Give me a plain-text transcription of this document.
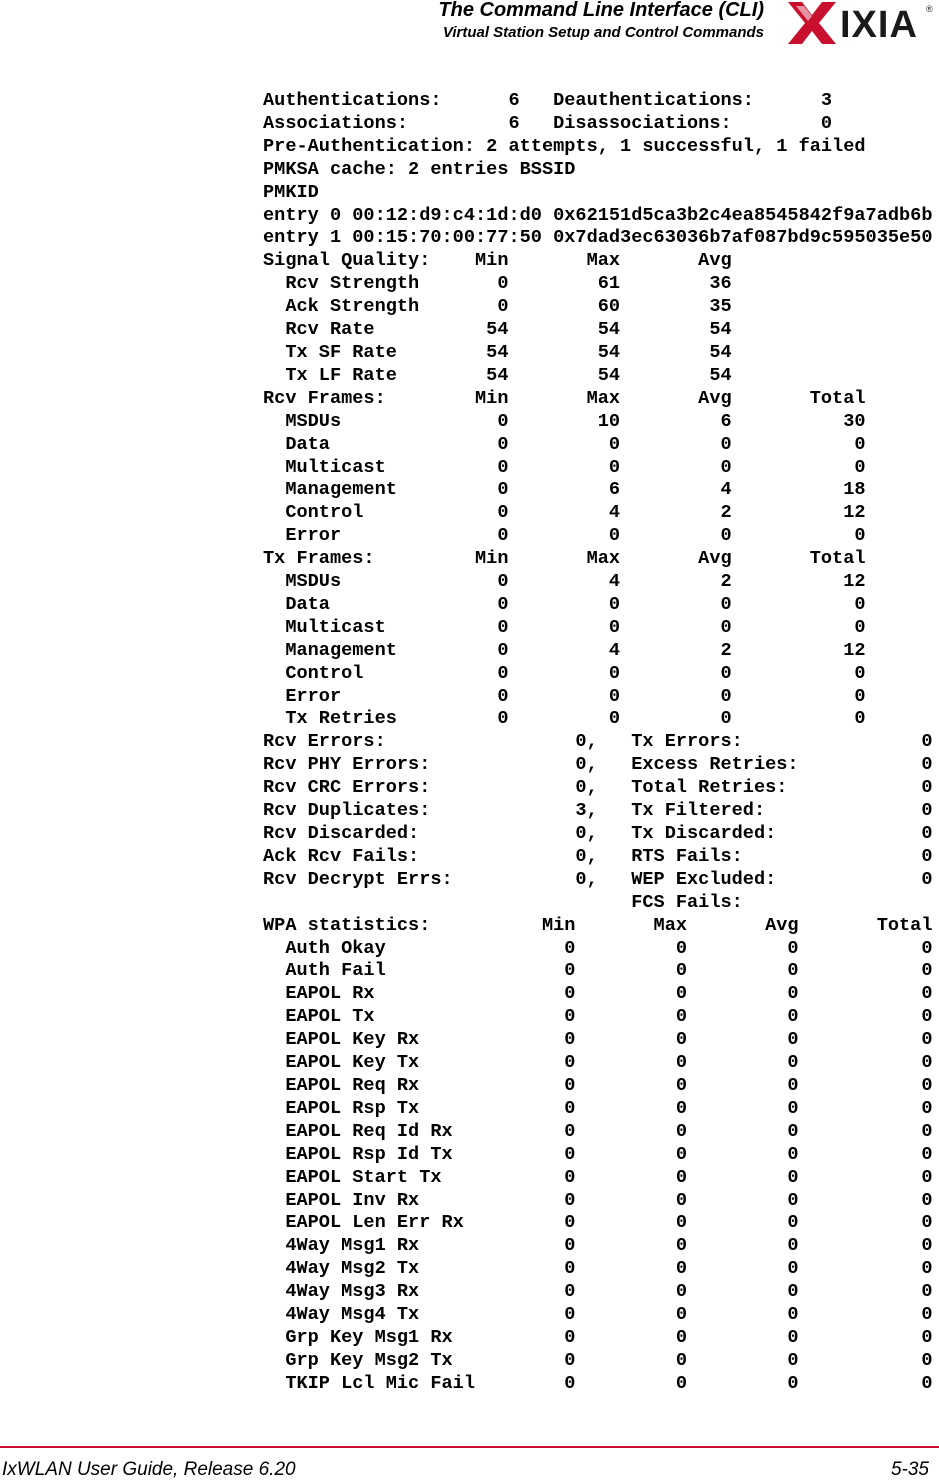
The Command Line Interface (CLI)
Virtual Station Setup and Control Commands IXIA ®
Authentications:      6   Deauthentications:      3
Associations:         6   Disassociations:        0
Pre-Authentication: 2 attempts, 1 successful, 1 failed
PMKSA cache: 2 entries BSSID
PMKID
entry 0 00:12:d9:c4:1d:d0 0x62151d5ca3b2c4ea8545842f9a7adb6b
entry 1 00:15:70:00:77:50 0x7dad3ec63036b7af087bd9c595035e50
Signal Quality:    Min       Max       Avg
Rcv Strength       0        61        36
Ack Strength       0        60        35
Rcv Rate          54        54        54
Tx SF Rate        54        54        54
Tx LF Rate        54        54        54
Rcv Frames:        Min       Max       Avg       Total
MSDUs              0        10         6          30
Data               0         0         0           0
Multicast          0         0         0           0
Management         0         6         4          18
Control            0         4         2          12
Error              0         0         0           0
Tx Frames:         Min       Max       Avg       Total
MSDUs              0         4         2          12
Data               0         0         0           0
Multicast          0         0         0           0
Management         0         4         2          12
Control            0         0         0           0
Error              0         0         0           0
Tx Retries         0         0         0           0
Rcv Errors:                 0,   Tx Errors:                0
Rcv PHY Errors:             0,   Excess Retries:           0
Rcv CRC Errors:             0,   Total Retries:            0
Rcv Duplicates:             3,   Tx Filtered:              0
Rcv Discarded:              0,   Tx Discarded:             0
Ack Rcv Fails:              0,   RTS Fails:                0
Rcv Decrypt Errs:           0,   WEP Excluded:             0
FCS Fails:
WPA statistics:          Min       Max       Avg       Total
Auth Okay                0         0         0           0
Auth Fail                0         0         0           0
EAPOL Rx                 0         0         0           0
EAPOL Tx                 0         0         0           0
EAPOL Key Rx             0         0         0           0
EAPOL Key Tx             0         0         0           0
EAPOL Req Rx             0         0         0           0
EAPOL Rsp Tx             0         0         0           0
EAPOL Req Id Rx          0         0         0           0
EAPOL Rsp Id Tx          0         0         0           0
EAPOL Start Tx           0         0         0           0
EAPOL Inv Rx             0         0         0           0
EAPOL Len Err Rx         0         0         0           0
4Way Msg1 Rx             0         0         0           0
4Way Msg2 Tx             0         0         0           0
4Way Msg3 Rx             0         0         0           0
4Way Msg4 Tx             0         0         0           0
Grp Key Msg1 Rx          0         0         0           0
Grp Key Msg2 Tx          0         0         0           0
TKIP Lcl Mic Fail        0         0         0           0
IxWLAN User Guide, Release 6.20	5-35
